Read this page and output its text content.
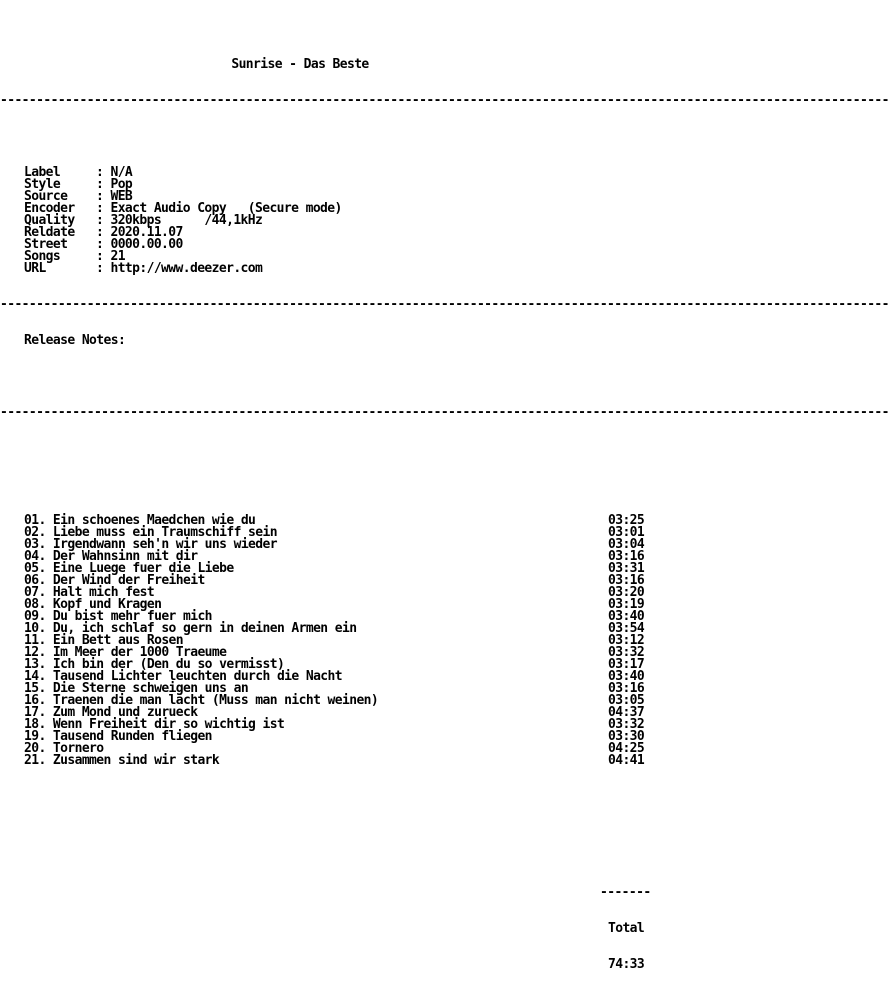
Sunrise - Das Beste

---------------------------------------------------------------------------------------------------------------------------

Label	: N/A
Style	: Pop
Source : WEB
Encoder : Exact Audio Copy   (Secure mode)
Quality : 320kbps      /44,1kHz
Reldate : 2020.11.07
Street : 0000.00.00
Songs	: 21
URL	: http://www.deezer.com

---------------------------------------------------------------------------------------------------------------------------

Release Notes:

---------------------------------------------------------------------------------------------------------------------------

01. Ein schoenes Maedchen wie du	03:25
02. Liebe muss ein Traumschiff sein	03:01
03. Irgendwann seh'n wir uns wieder	03:04
04. Der Wahnsinn mit dir	03:16
05. Eine Luege fuer die Liebe	03:31
06. Der Wind der Freiheit	03:16
07. Halt mich fest	03:20
08. Kopf und Kragen	03:19
09. Du bist mehr fuer mich	03:40
10. Du, ich schlaf so gern in deinen Armen ein	03:54
11. Ein Bett aus Rosen	03:12
12. Im Meer der 1000 Traeume	03:32
13. Ich bin der (Den du so vermisst)	03:17
14. Tausend Lichter leuchten durch die Nacht	03:40
15. Die Sterne schweigen uns an	03:16
16. Traenen die man lacht (Muss man nicht weinen)	03:05
17. Zum Mond und zurueck	04:37
18. Wenn Freiheit dir so wichtig ist	03:32
19. Tausend Runden fliegen	03:30
20. Tornero	04:25
21. Zusammen sind wir stark	04:41

-------

Total

74:33
